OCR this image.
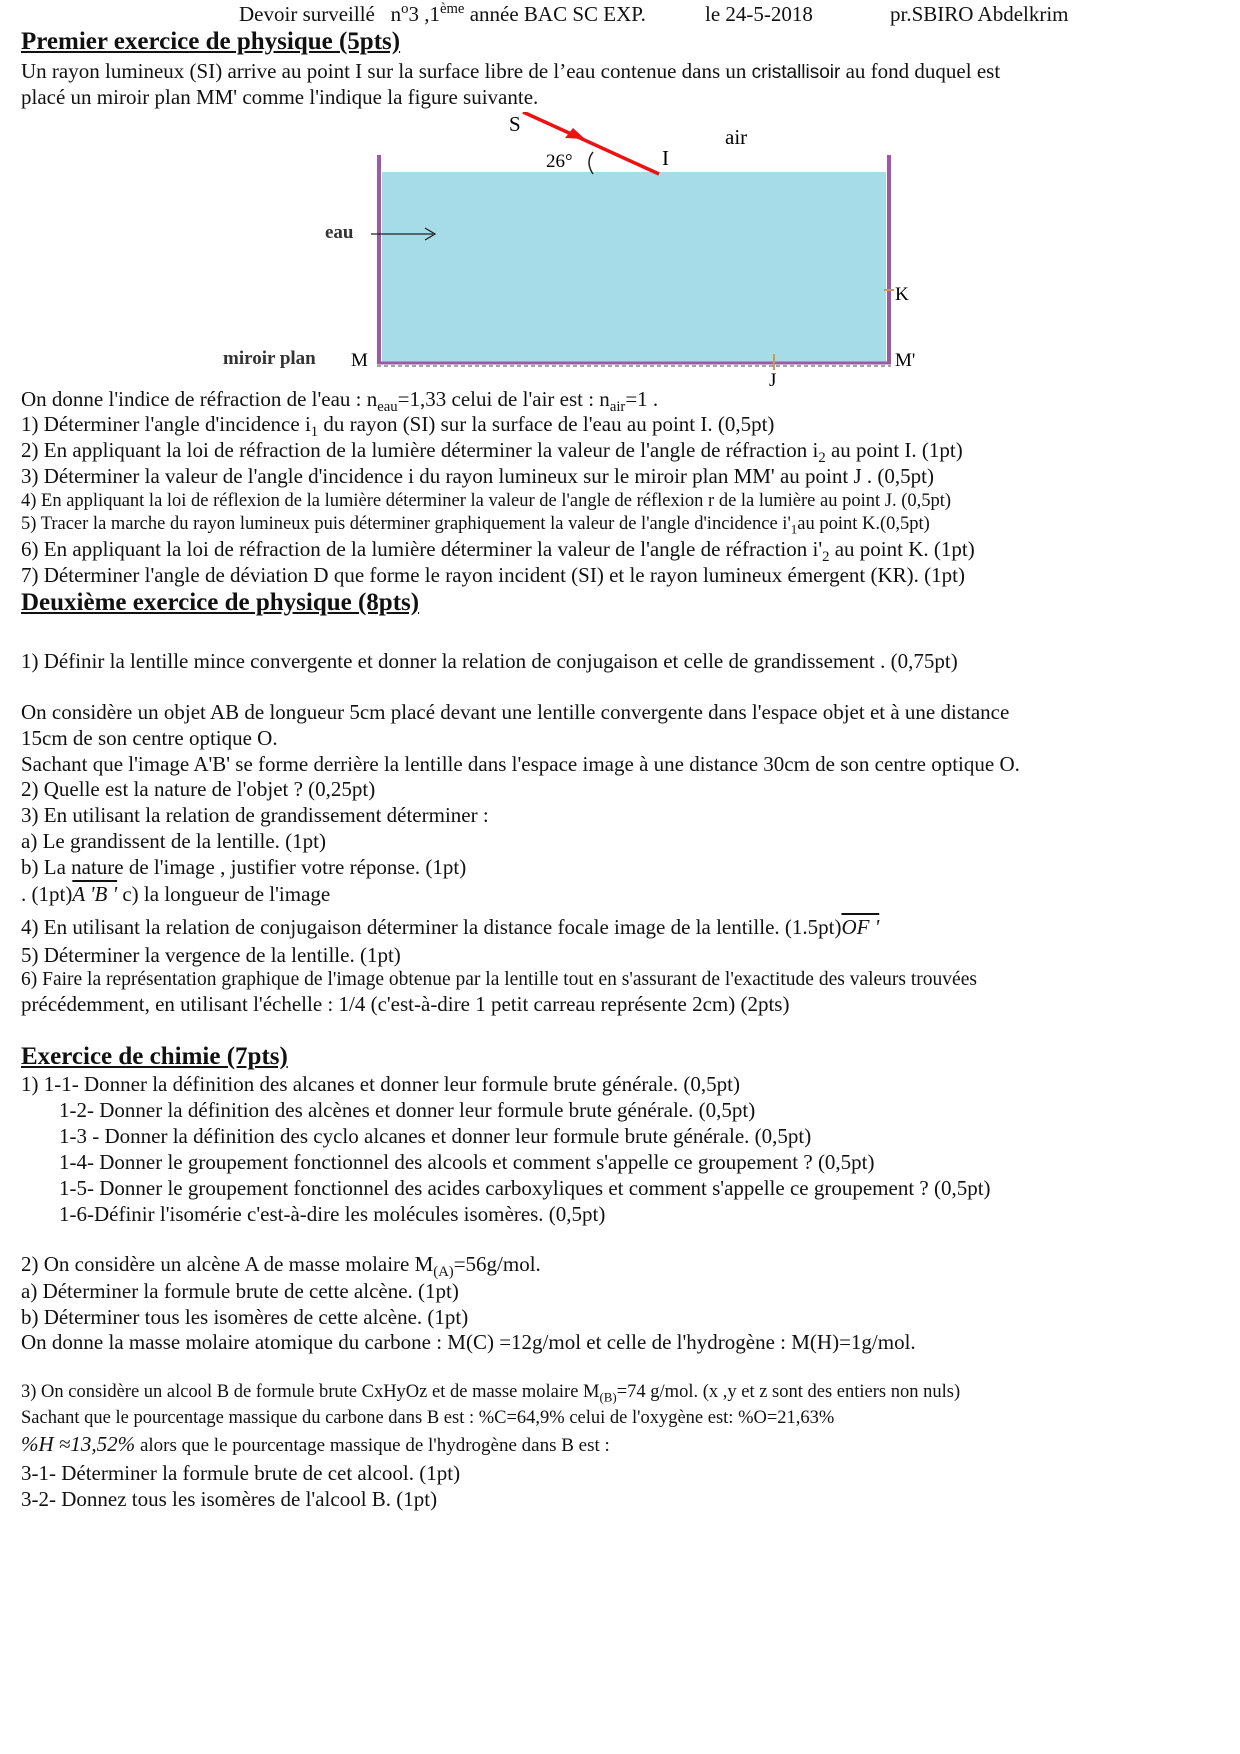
Devoir surveillé $n^o3$ ,1ème année BAC SC EXP.	le 24-5-2018	pr.SBIRO Abdelkrim
Premier exercice de physique (5pts)
Un rayon lumineux (SI) arrive au point I sur la surface libre de l’eau contenue dans un cristallisoir au fond duquel est
placé un miroir plan MM' comme l'indique la figure suivante.
S
I
air
26°
eau
K
miroir plan M	M'
J
On donne l'indice de réfraction de l'eau : $n_{eau}=1,33$ celui de l'air est : $n_{air}=1$ .
1) Déterminer l'angle d'incidence $i_1$ du rayon (SI) sur la surface de l'eau au point I. (0,5pt)
2) En appliquant la loi de réfraction de la lumière déterminer la valeur de l'angle de réfraction $i_2$ au point I. (1pt)
3) Déterminer la valeur de l'angle d'incidence i du rayon lumineux sur le miroir plan MM' au point J . (0,5pt)
4) En appliquant la loi de réflexion de la lumière déterminer la valeur de l'angle de réflexion r de la lumière au point J. (0,5pt)
5) Tracer la marche du rayon lumineux puis déterminer graphiquement la valeur de l'angle d'incidence $i'_1au$ point K.(0,5pt)
6) En appliquant la loi de réfraction de la lumière déterminer la valeur de l'angle de réfraction $i'_2$ au point K. (1pt)
7) Déterminer l'angle de déviation D que forme le rayon incident (SI) et le rayon lumineux émergent (KR). (1pt)
Deuxième exercice de physique (8pts)
1) Définir la lentille mince convergente et donner la relation de conjugaison et celle de grandissement . (0,75pt)
On considère un objet AB de longueur 5cm placé devant une lentille convergente dans l'espace objet et à une distance
15cm de son centre optique O.
Sachant que l'image A'B' se forme derrière la lentille dans l'espace image à une distance 30cm de son centre optique O.
2) Quelle est la nature de l'objet ? (0,25pt)
3) En utilisant la relation de grandissement déterminer :
a) Le grandissent de la lentille. (1pt)
b) La nature de l'image , justifier votre réponse. (1pt)
. (1pt)A 'B ' c) la longueur de l'image
4) En utilisant la relation de conjugaison déterminer la distance focale image de la lentille. (1.5pt)OF '
5) Déterminer la vergence de la lentille. (1pt)
6) Faire la représentation graphique de l'image obtenue par la lentille tout en s'assurant de l'exactitude des valeurs trouvées
précédemment, en utilisant l'échelle : 1/4 (c'est-à-dire 1 petit carreau représente 2cm) (2pts)
Exercice de chimie (7pts)
1) 1-1- Donner la définition des alcanes et donner leur formule brute générale. (0,5pt)
1-2- Donner la définition des alcènes et donner leur formule brute générale. (0,5pt)
1-3 - Donner la définition des cyclo alcanes et donner leur formule brute générale. (0,5pt)
1-4- Donner le groupement fonctionnel des alcools et comment s'appelle ce groupement ? (0,5pt)
1-5- Donner le groupement fonctionnel des acides carboxyliques et comment s'appelle ce groupement ? (0,5pt)
1-6-Définir l'isomérie c'est-à-dire les molécules isomères. (0,5pt)
2) On considère un alcène A de masse molaire $M_{(A)}=56g$/mol.
a) Déterminer la formule brute de cette alcène. (1pt)
b) Déterminer tous les isomères de cette alcène. (1pt)
On donne la masse molaire atomique du carbone : M(C) =12g/mol et celle de l'hydrogène : M(H)=1g/mol.
3) On considère un alcool B de formule brute CxHyOz et de masse molaire $M_{(B)}=74$ g/mol. (x ,y et z sont des entiers non nuls)
Sachant que le pourcentage massique du carbone dans B est : %C=64,9% celui de l'oxygène est: %O=21,63%
%H ≈13,52% alors que le pourcentage massique de l'hydrogène dans B est :
3-1- Déterminer la formule brute de cet alcool. (1pt)
3-2- Donnez tous les isomères de l'alcool B. (1pt)
